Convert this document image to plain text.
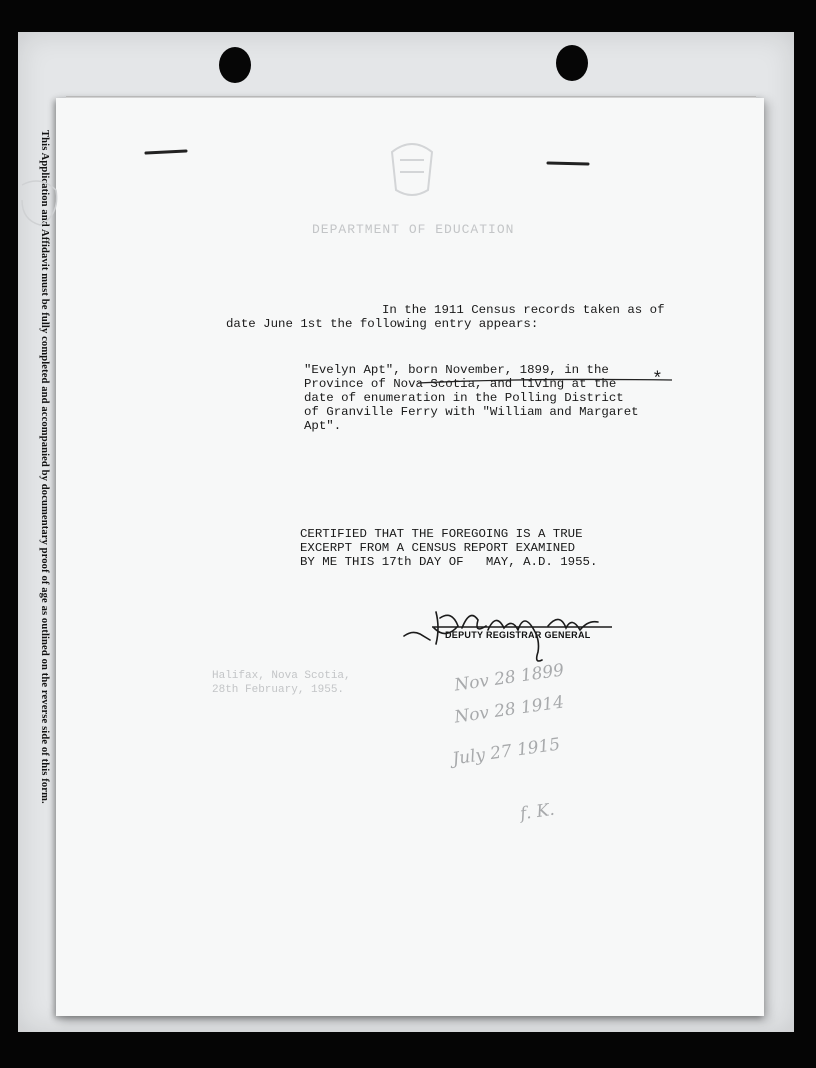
This Application and Affidavit must be fully completed and accompanied by documentary proof of age as outlined on the reverse side of this form.	DEPARTMENT OF EDUCATION
Halifax, Nova Scotia,
28th February, 1955.
In the 1911 Census records taken as of
date June 1st the following entry appears:
"Evelyn Apt", born November, 1899, in the
Province of Nova Scotia, and living at the
date of enumeration in the Polling District
of Granville Ferry with "William and Margaret
Apt".
CERTIFIED THAT THE FOREGOING IS A TRUE
EXCERPT FROM A CENSUS REPORT EXAMINED
BY ME THIS 17th DAY OF   MAY, A.D. 1955.
*
DEPUTY REGISTRAR GENERAL
Nov 28 1899
Nov 28 1914
July 27 1915
f. K.
